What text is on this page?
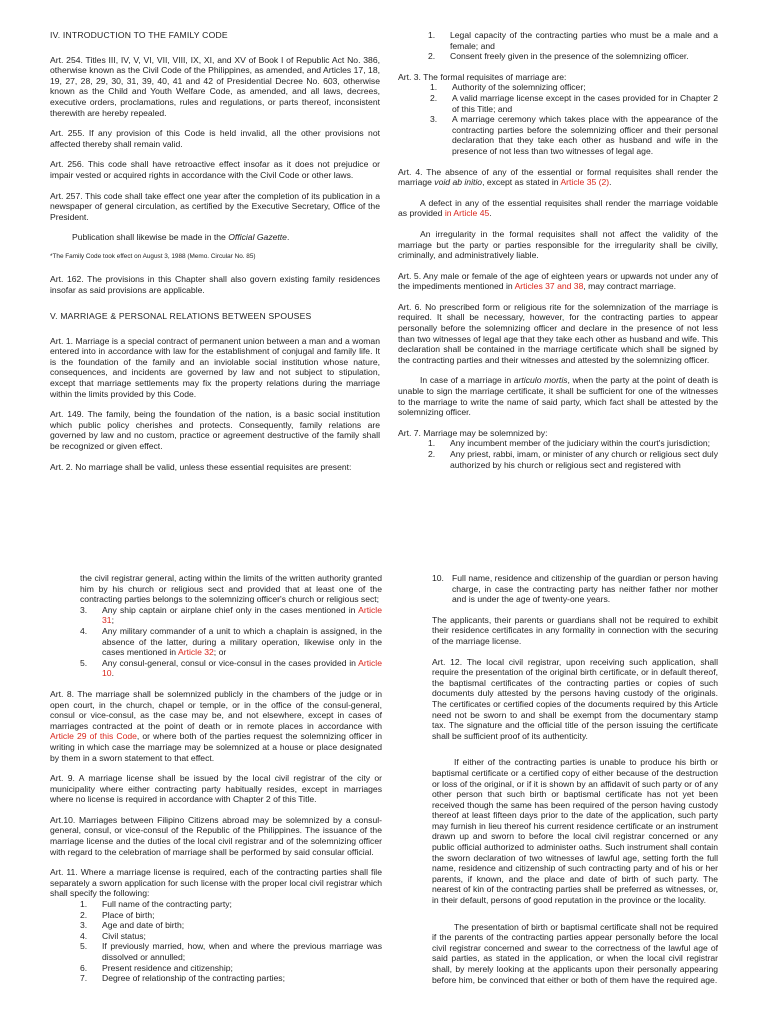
IV. INTRODUCTION TO THE FAMILY CODE

Art. 254. Titles III, IV, V, VI, VII, VIII, IX, XI, and XV of Book I of Republic Act No. 386, otherwise known as the Civil Code of the Philippines, as amended, and Articles 17, 18, 19, 27, 28, 29, 30, 31, 39, 40, 41 and 42 of Presidential Decree No. 603, otherwise known as the Child and Youth Welfare Code, as amended, and all laws, decrees, executive orders, proclamations, rules and regulations, or parts thereof, inconsistent therewith are hereby repealed.

Art. 255. If any provision of this Code is held invalid, all the other provisions not affected thereby shall remain valid.

Art. 256. This code shall have retroactive effect insofar as it does not prejudice or impair vested or acquired rights in accordance with the Civil Code or other laws.

Art. 257. This code shall take effect one year after the completion of its publication in a newspaper of general circulation, as certified by the Executive Secretary, Office of the President.

Publication shall likewise be made in the Official Gazette.

*The Family Code took effect on August 3, 1988 (Memo. Circular No. 85)

Art. 162. The provisions in this Chapter shall also govern existing family residences insofar as said provisions are applicable.

V. MARRIAGE & PERSONAL RELATIONS BETWEEN SPOUSES

Art. 1. Marriage is a special contract of permanent union between a man and a woman entered into in accordance with law for the establishment of conjugal and family life. It is the foundation of the family and an inviolable social institution whose nature, consequences, and incidents are governed by law and not subject to stipulation, except that marriage settlements may fix the property relations during the marriage within the limits provided by this Code.

Art. 149. The family, being the foundation of the nation, is a basic social institution which public policy cherishes and protects. Consequently, family relations are governed by law and no custom, practice or agreement destructive of the family shall be recognized or given effect.

Art. 2. No marriage shall be valid, unless these essential requisites are present:

1. Legal capacity of the contracting parties who must be a male and a female; and
2. Consent freely given in the presence of the solemnizing officer.

Art. 3. The formal requisites of marriage are:

1. Authority of the solemnizing officer;
2. A valid marriage license except in the cases provided for in Chapter 2 of this Title; and
3. A marriage ceremony which takes place with the appearance of the contracting parties before the solemnizing officer and their personal declaration that they take each other as husband and wife in the presence of not less than two witnesses of legal age.

Art. 4. The absence of any of the essential or formal requisites shall render the marriage void ab initio, except as stated in Article 35 (2).

A defect in any of the essential requisites shall render the marriage voidable as provided in Article 45.

An irregularity in the formal requisites shall not affect the validity of the marriage but the party or parties responsible for the irregularity shall be civilly, criminally, and administratively liable.

Art. 5. Any male or female of the age of eighteen years or upwards not under any of the impediments mentioned in Articles 37 and 38, may contract marriage.

Art. 6. No prescribed form or religious rite for the solemnization of the marriage is required. It shall be necessary, however, for the contracting parties to appear personally before the solemnizing officer and declare in the presence of not less than two witnesses of legal age that they take each other as husband and wife. This declaration shall be contained in the marriage certificate which shall be signed by the contracting parties and their witnesses and attested by the solemnizing officer.

In case of a marriage in articulo mortis, when the party at the point of death is unable to sign the marriage certificate, it shall be sufficient for one of the witnesses to the marriage to write the name of said party, which fact shall be attested by the solemnizing officer.

Art. 7. Marriage may be solemnized by:

1. Any incumbent member of the judiciary within the court's jurisdiction;
2. Any priest, rabbi, imam, or minister of any church or religious sect duly authorized by his church or religious sect and registered with

the civil registrar general, acting within the limits of the written authority granted him by his church or religious sect and provided that at least one of the contracting parties belongs to the solemnizing officer's church or religious sect;

3. Any ship captain or airplane chief only in the cases mentioned in Article 31;
4. Any military commander of a unit to which a chaplain is assigned, in the absence of the latter, during a military operation, likewise only in the cases mentioned in Article 32; or
5. Any consul-general, consul or vice-consul in the cases provided in Article 10.

Art. 8. The marriage shall be solemnized publicly in the chambers of the judge or in open court, in the church, chapel or temple, or in the office of the consul-general, consul or vice-consul, as the case may be, and not elsewhere, except in cases of marriages contracted at the point of death or in remote places in accordance with Article 29 of this Code, or where both of the parties request the solemnizing officer in writing in which case the marriage may be solemnized at a house or place designated by them in a sworn statement to that effect.

Art. 9. A marriage license shall be issued by the local civil registrar of the city or municipality where either contracting party habitually resides, except in marriages where no license is required in accordance with Chapter 2 of this Title.

Art.10. Marriages between Filipino Citizens abroad may be solemnized by a consul-general, consul, or vice-consul of the Republic of the Philippines. The issuance of the marriage license and the duties of the local civil registrar and of the solemnizing officer with regard to the celebration of marriage shall be performed by said consular official.

Art. 11. Where a marriage license is required, each of the contracting parties shall file separately a sworn application for such license with the proper local civil registrar which shall specify the following:

1. Full name of the contracting party;
2. Place of birth;
3. Age and date of birth;
4. Civil status;
5. If previously married, how, when and where the previous marriage was dissolved or annulled;
6. Present residence and citizenship;
7. Degree of relationship of the contracting parties;
10. Full name, residence and citizenship of the guardian or person having charge, in case the contracting party has neither father nor mother and is under the age of twenty-one years.

The applicants, their parents or guardians shall not be required to exhibit their residence certificates in any formality in connection with the securing of the marriage license.

Art. 12. The local civil registrar, upon receiving such application, shall require the presentation of the original birth certificate, or in default thereof, the baptismal certificates of the contracting parties or copies of such documents duly attested by the persons having custody of the originals. The certificates or certified copies of the documents required by this Article need not be sworn to and shall be exempt from the documentary stamp tax. The signature and the official title of the person issuing the certificate shall be sufficient proof of its authenticity.

If either of the contracting parties is unable to produce his birth or baptismal certificate or a certified copy of either because of the destruction or loss of the original, or if it is shown by an affidavit of such party or of any other person that such birth or baptismal certificate has not yet been received though the same has been required of the person having custody thereof at least fifteen days prior to the date of the application, such party may furnish in lieu thereof his current residence certificate or an instrument drawn up and sworn to before the local civil registrar concerned or any public official authorized to administer oaths. Such instrument shall contain the sworn declaration of two witnesses of lawful age, setting forth the full name, residence and citizenship of such contracting party and of his or her parents, if known, and the place and date of birth of such party. The nearest of kin of the contracting parties shall be preferred as witnesses, or, in their default, persons of good reputation in the province or the locality.

The presentation of birth or baptismal certificate shall not be required if the parents of the contracting parties appear personally before the local civil registrar concerned and swear to the correctness of the lawful age of said parties, as stated in the application, or when the local civil registrar shall, by merely looking at the applicants upon their personally appearing before him, be convinced that either or both of them have the required age.
